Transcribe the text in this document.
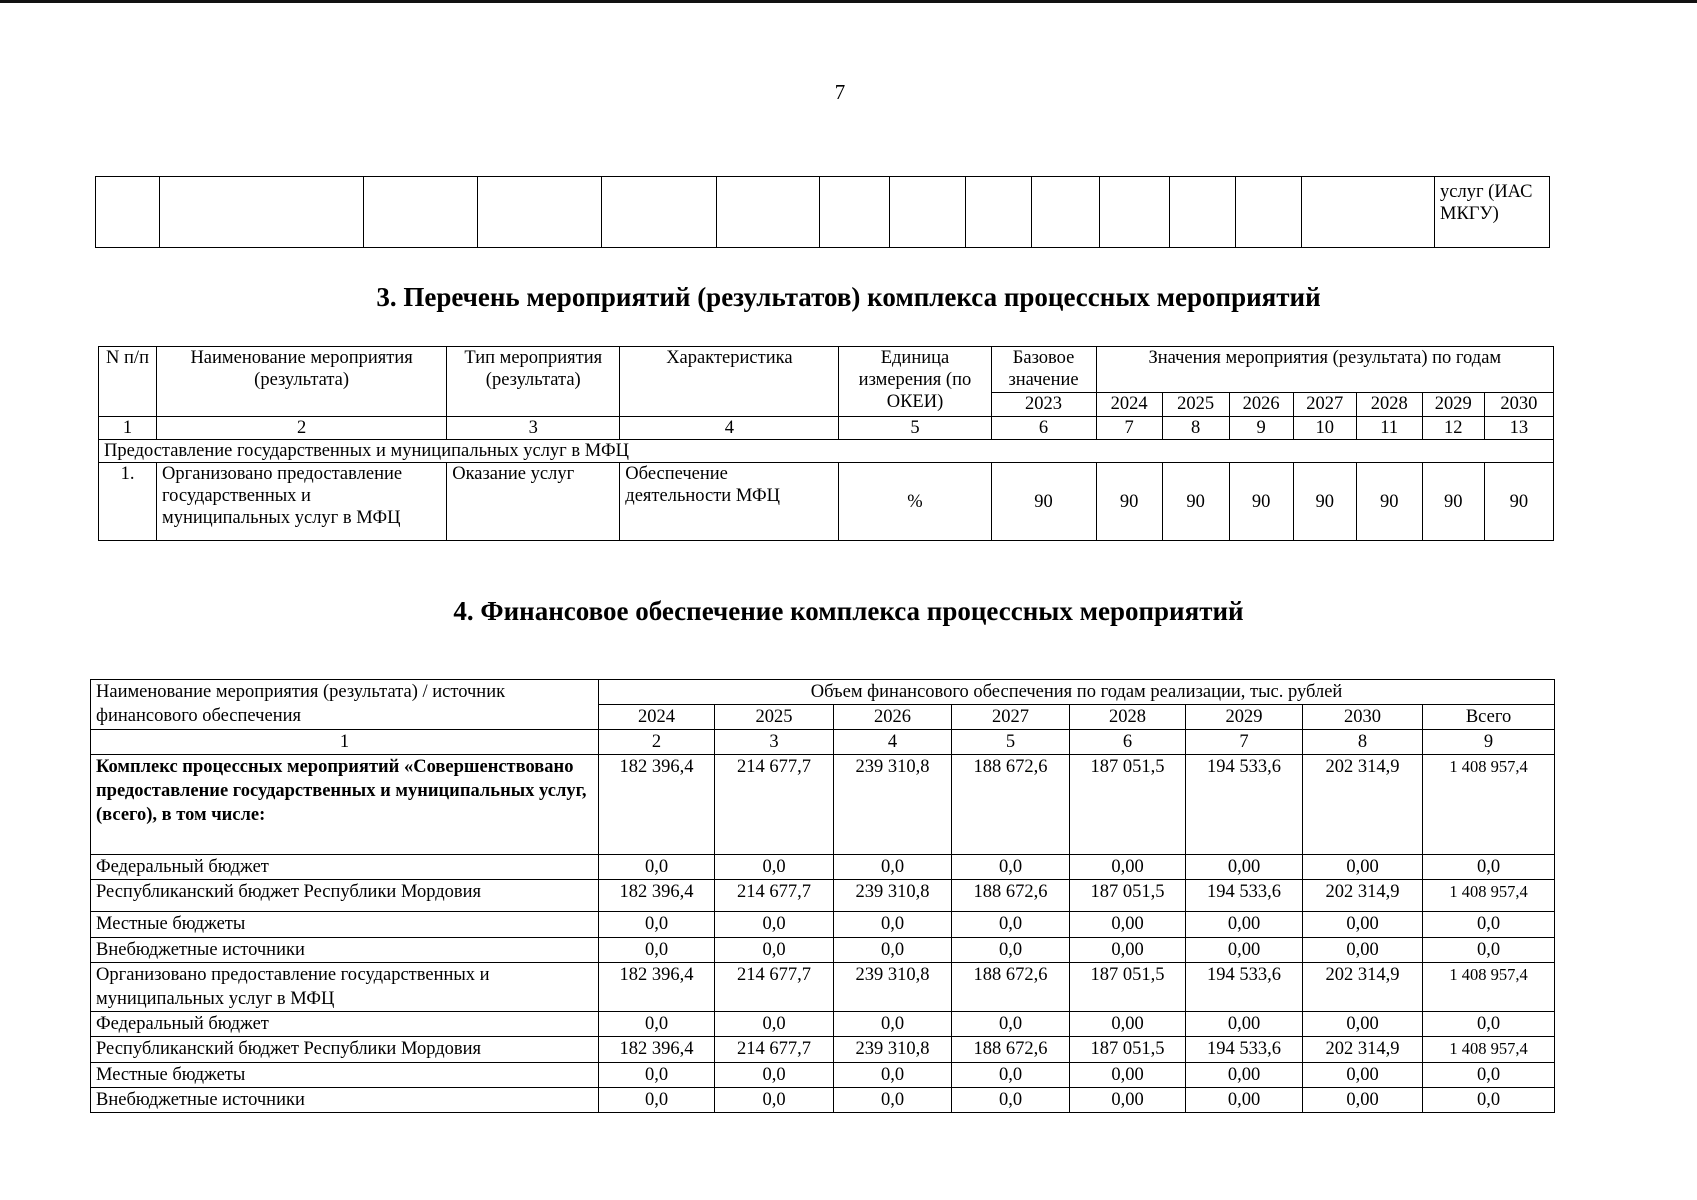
7
														услуг (ИАС МКГУ)
3. Перечень мероприятий (результатов) комплекса процессных мероприятий
N п/п	Наименование мероприятия (результата)	Тип мероприятия (результата)	Характеристика	Единица измерения (по ОКЕИ)	Базовое значение	Значения мероприятия (результата) по годам						
					2023	2024	2025	2026	2027	2028	2029	2030
1	2	3	4	5	6	7	8	9	10	11	12	13
Предоставление государственных и муниципальных услуг в МФЦ												
1.	Организовано предоставление государственных и муниципальных услуг в МФЦ	Оказание услуг	Обеспечение деятельности МФЦ	%	90	90	90	90	90	90	90	90
4. Финансовое обеспечение комплекса процессных мероприятий
Наименование мероприятия (результата) / источник финансового обеспечения	Объем финансового обеспечения по годам реализации, тыс. рублей							
	2024	2025	2026	2027	2028	2029	2030	Всего
1	2	3	4	5	6	7	8	9
Комплекс процессных мероприятий «Совершенствовано предоставление государственных и муниципальных услуг, (всего), в том числе:	182 396,4	214 677,7	239 310,8	188 672,6	187 051,5	194 533,6	202 314,9	1 408 957,4
Федеральный бюджет	0,0	0,0	0,0	0,0	0,00	0,00	0,00	0,0
Республиканский бюджет Республики Мордовия	182 396,4	214 677,7	239 310,8	188 672,6	187 051,5	194 533,6	202 314,9	1 408 957,4
Местные бюджеты	0,0	0,0	0,0	0,0	0,00	0,00	0,00	0,0
Внебюджетные источники	0,0	0,0	0,0	0,0	0,00	0,00	0,00	0,0
Организовано предоставление государственных и муниципальных услуг в МФЦ	182 396,4	214 677,7	239 310,8	188 672,6	187 051,5	194 533,6	202 314,9	1 408 957,4
Федеральный бюджет	0,0	0,0	0,0	0,0	0,00	0,00	0,00	0,0
Республиканский бюджет Республики Мордовия	182 396,4	214 677,7	239 310,8	188 672,6	187 051,5	194 533,6	202 314,9	1 408 957,4
Местные бюджеты	0,0	0,0	0,0	0,0	0,00	0,00	0,00	0,0
Внебюджетные источники	0,0	0,0	0,0	0,0	0,00	0,00	0,00	0,0
